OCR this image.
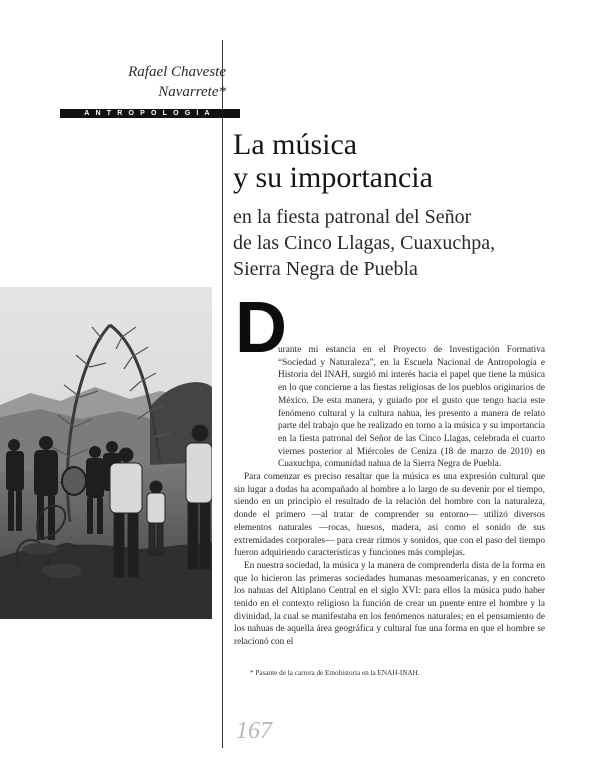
Rafael Chaveste
Navarrete*
ANTROPOLOGÍA
La música
y su importancia
en la fiesta patronal del Señor
de las Cinco Llagas, Cuaxuchpa,
Sierra Negra de Puebla
D

urante mi estancia en el Proyecto de Investigación Formativa “Sociedad y Naturaleza”, en la Escuela Nacional de Antropología e Historia del INAH, surgió mi interés hacia el papel que tiene la música en lo que concierne a las fiestas religiosas de los pueblos originarios de México. De esta manera, y guiado por el gusto que tengo hacia este fenómeno cultural y la cultura nahua, les presento a manera de relato parte del trabajo que he realizado en torno a la música y su importancia en la fiesta patronal del Señor de las Cinco Llagas, celebrada el cuarto viernes posterior al Miércoles de Ceniza (18 de marzo de 2010) en Cuaxuchpa, comunidad nahua de la Sierra Negra de Puebla.

Para comenzar es preciso resaltar que la música es una expresión cultural que sin lugar a dudas ha acompañado al hombre a lo largo de su devenir por el tiempo, siendo en un principio el resultado de la relación del hombre con la naturaleza, donde el primero —al tratar de comprender su entorno— utilizó diversos elementos naturales —rocas, huesos, madera, así como el sonido de sus extremidades corporales— para crear ritmos y sonidos, que con el paso del tiempo fueron adquiriendo características y funciones más complejas.

En nuestra sociedad, la música y la manera de comprenderla dista de la forma en que lo hicieron las primeras sociedades humanas mesoamericanas, y en concreto los nahuas del Altiplano Central en el siglo XVI: para ellos la música pudo haber tenido en el contexto religioso la función de crear un puente entre el hombre y la divinidad, la cual se manifestaba en los fenómenos naturales; en el pensamiento de los nahuas de aquella área geográfica y cultural fue una forma en que el hombre se relacionó con el

* Pasante de la carrera de Etnohistoria en la ENAH-INAH.
167
